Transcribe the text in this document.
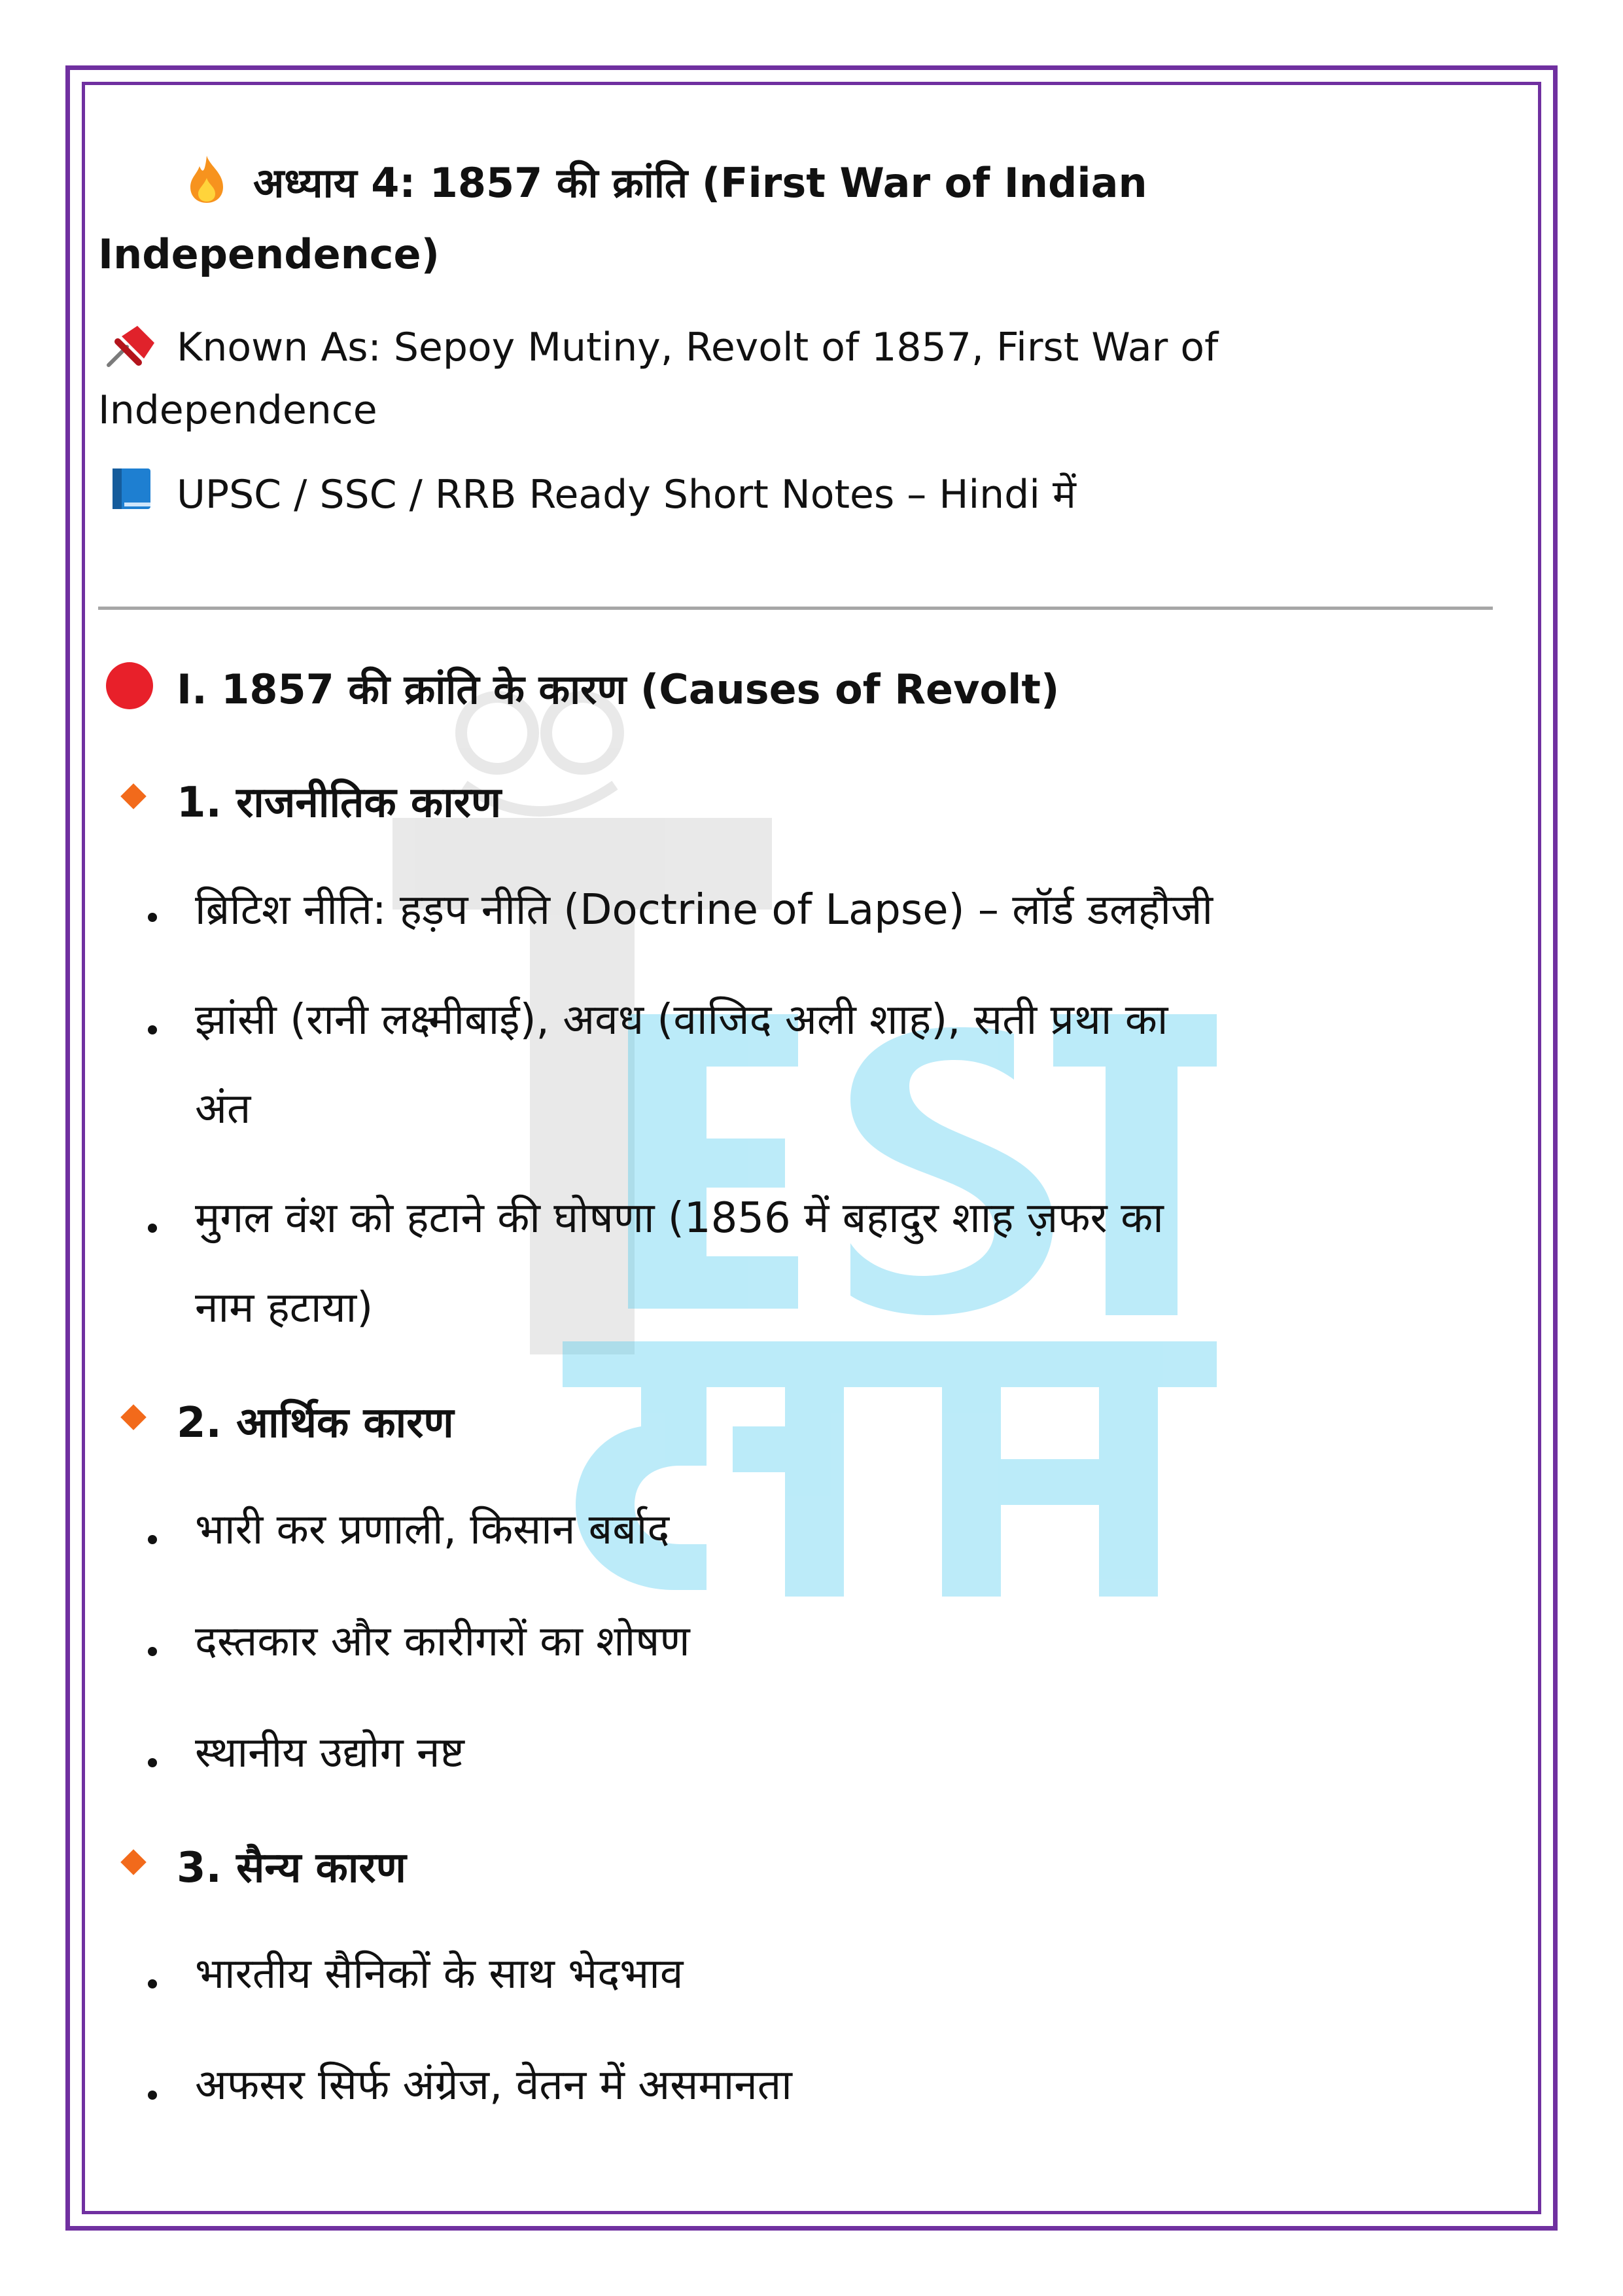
अध्याय 4: 1857 की क्रांति (First War of Indian
Independence)
Known As: Sepoy Mutiny, Revolt of 1857, First War of
Independence
UPSC / SSC / RRB Ready Short Notes – Hindi में
I. 1857 की क्रांति के कारण (Causes of Revolt)
1. राजनीतिक कारण
ब्रिटिश नीति: हड़प नीति (Doctrine of Lapse) – लॉर्ड डलहौजी
झांसी (रानी लक्ष्मीबाई), अवध (वाजिद अली शाह), सती प्रथा का
अंत
मुगल वंश को हटाने की घोषणा (1856 में बहादुर शाह ज़फर का
नाम हटाया)
2. आर्थिक कारण
भारी कर प्रणाली, किसान बर्बाद
दस्तकार और कारीगरों का शोषण
स्थानीय उद्योग नष्ट
3. सैन्य कारण
भारतीय सैनिकों के साथ भेदभाव
अफसर सिर्फ अंग्रेज, वेतन में असमानता
